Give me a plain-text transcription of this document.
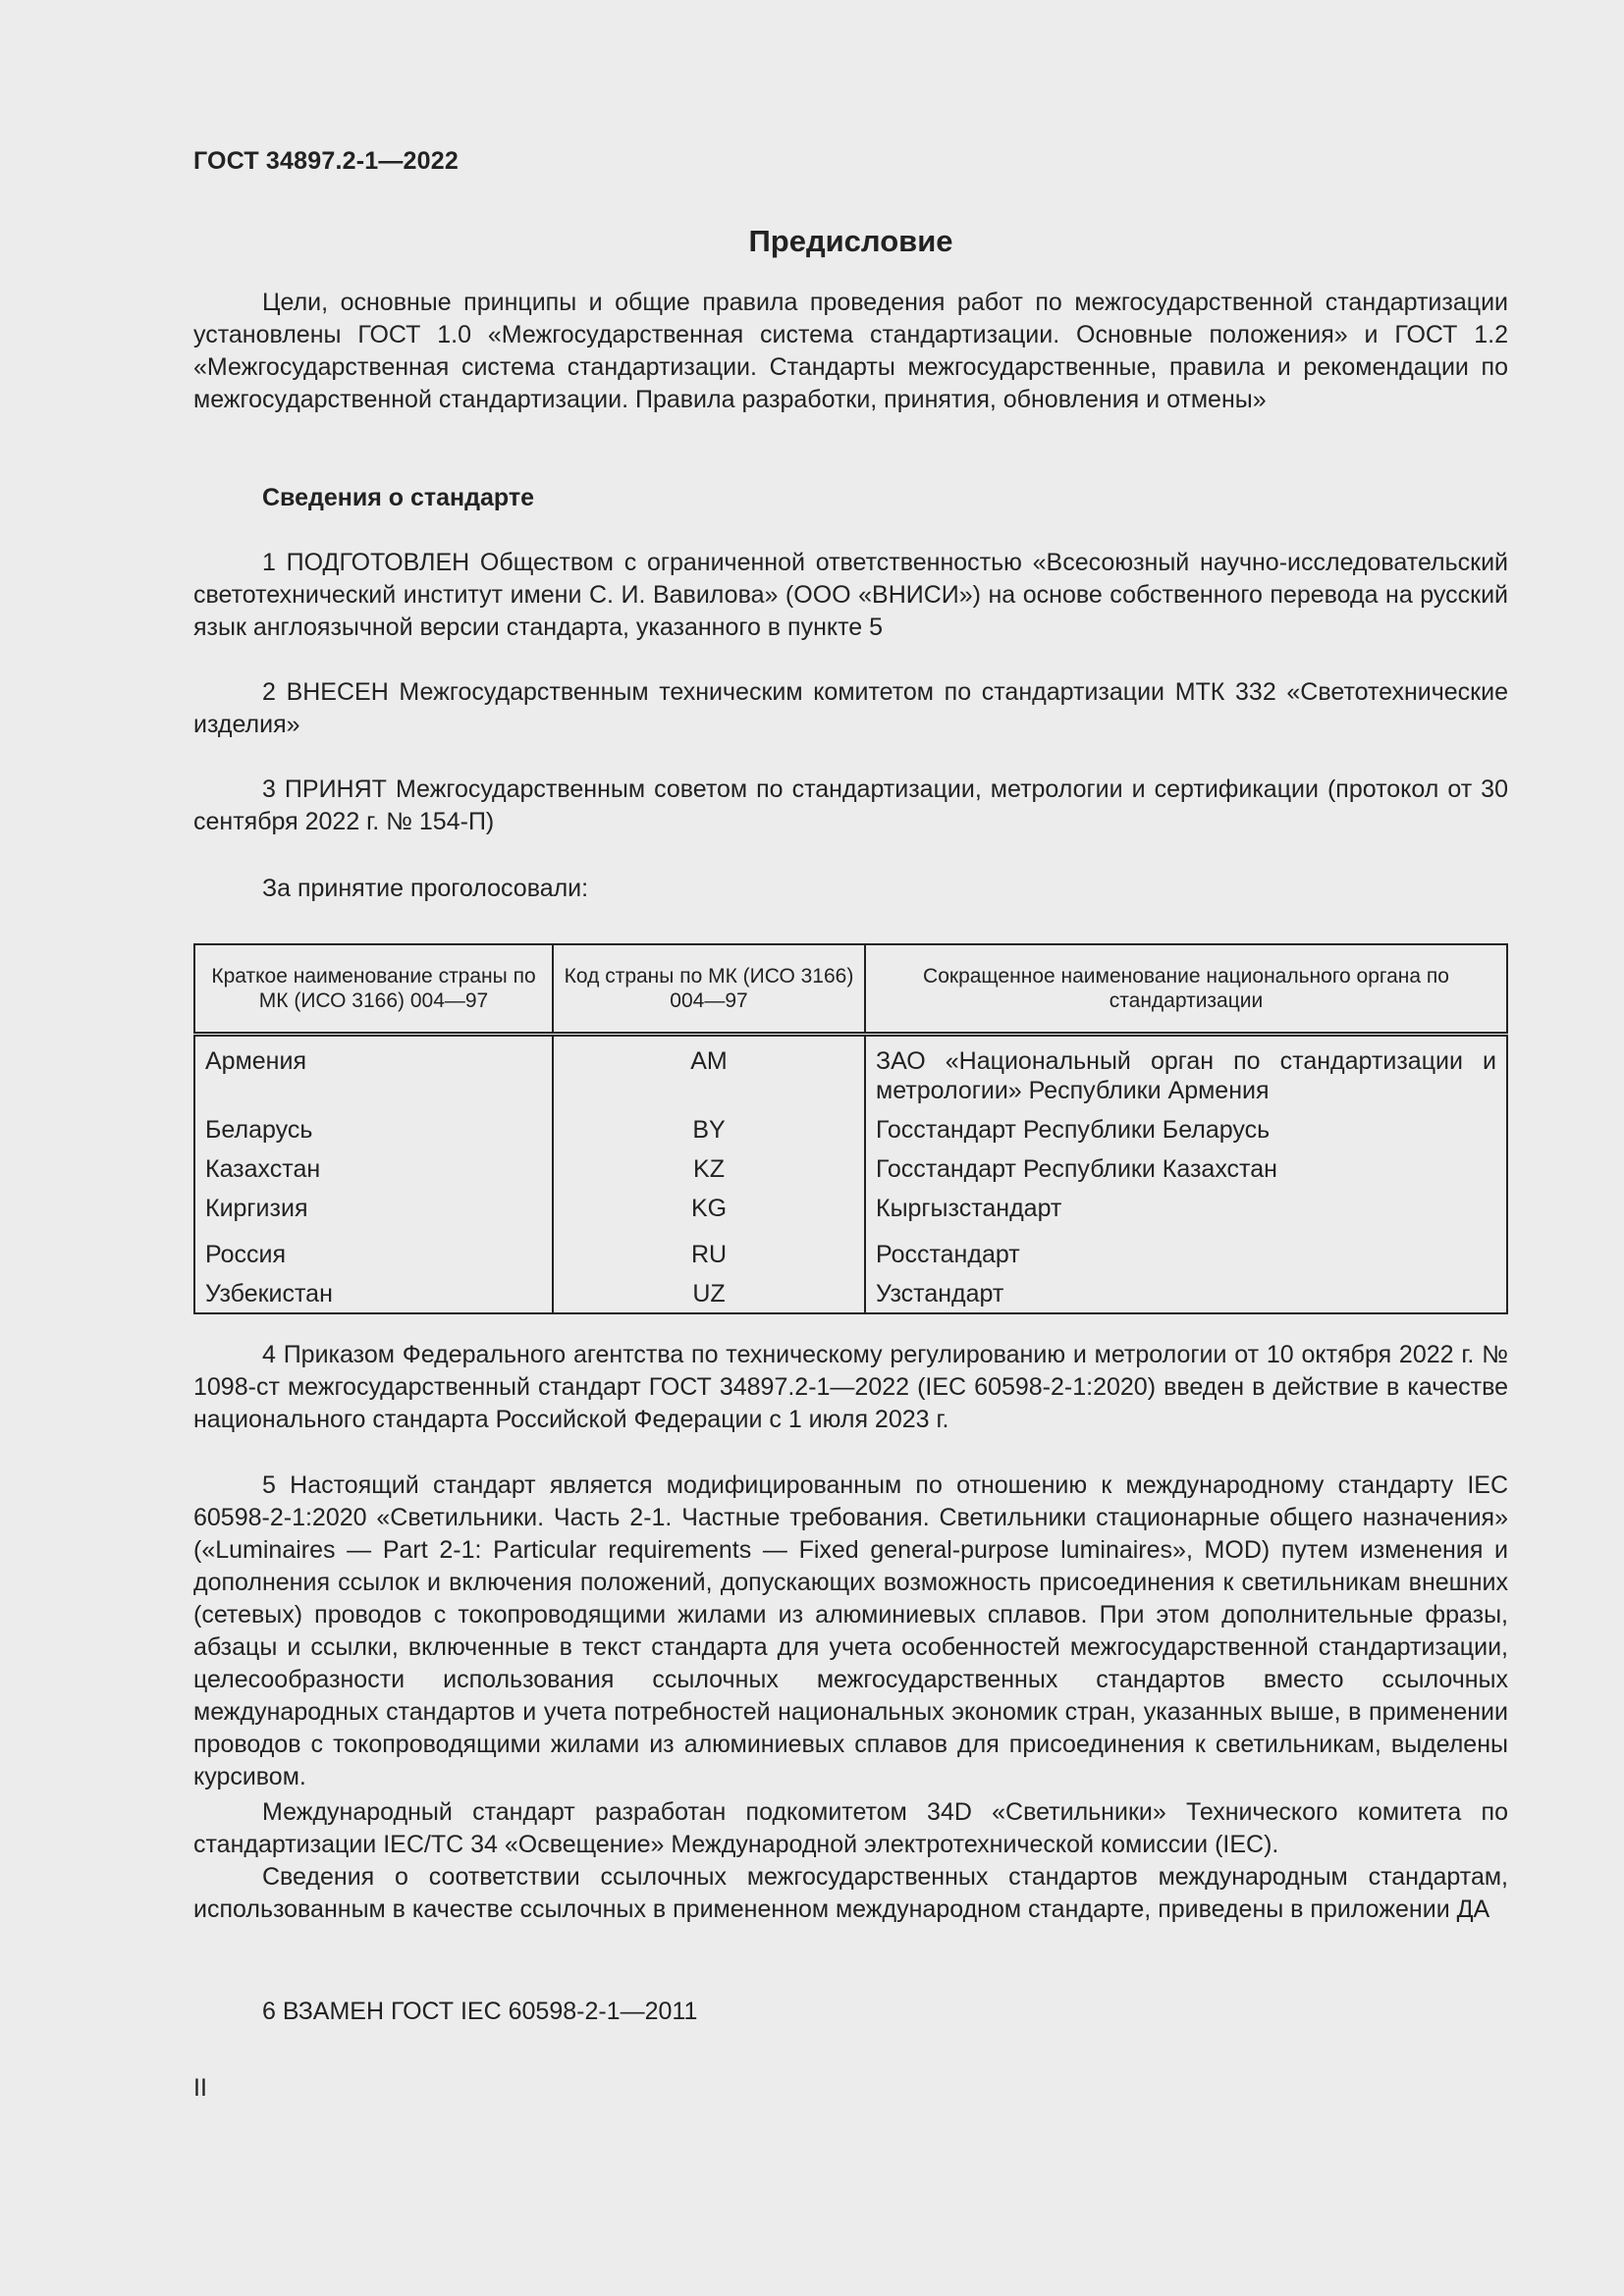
ГОСТ 34897.2-1—2022
Предисловие
Цели, основные принципы и общие правила проведения работ по межгосударственной стандартизации установлены ГОСТ 1.0 «Межгосударственная система стандартизации. Основные положения» и ГОСТ 1.2 «Межгосударственная система стандартизации. Стандарты межгосударственные, правила и рекомендации по межгосударственной стандартизации. Правила разработки, принятия, обновления и отмены»
Сведения о стандарте
1 ПОДГОТОВЛЕН Обществом с ограниченной ответственностью «Всесоюзный научно-исследовательский светотехнический институт имени С. И. Вавилова» (ООО «ВНИСИ») на основе собственного перевода на русский язык англоязычной версии стандарта, указанного в пункте 5
2 ВНЕСЕН Межгосударственным техническим комитетом по стандартизации МТК 332 «Светотехнические изделия»
3 ПРИНЯТ Межгосударственным советом по стандартизации, метрологии и сертификации (протокол от 30 сентября 2022 г. № 154-П)
За принятие проголосовали:
Краткое наименование страны по МК (ИСО 3166) 004—97	Код страны по МК (ИСО 3166) 004—97	Сокращенное наименование национального органа по стандартизации
Армения	AM	ЗАО «Национальный орган по стандартизации и метрологии» Республики Армения
Беларусь	BY	Госстандарт Республики Беларусь
Казахстан	KZ	Госстандарт Республики Казахстан
Киргизия	KG	Кыргызстандарт
Россия	RU	Росстандарт
Узбекистан	UZ	Узстандарт
4 Приказом Федерального агентства по техническому регулированию и метрологии от 10 октября 2022 г. № 1098-ст межгосударственный стандарт ГОСТ 34897.2-1—2022 (IEC 60598-2-1:2020) введен в действие в качестве национального стандарта Российской Федерации с 1 июля 2023 г.
5 Настоящий стандарт является модифицированным по отношению к международному стандарту IEC 60598-2-1:2020 «Светильники. Часть 2-1. Частные требования. Светильники стационарные общего назначения» («Luminaires — Part 2-1: Particular requirements — Fixed general-purpose luminaires», MOD) путем изменения и дополнения ссылок и включения положений, допускающих возможность присоединения к светильникам внешних (сетевых) проводов с токопроводящими жилами из алюминиевых сплавов. При этом дополнительные фразы, абзацы и ссылки, включенные в текст стандарта для учета особенностей межгосударственной стандартизации, целесообразности использования ссылочных межгосударственных стандартов вместо ссылочных международных стандартов и учета потребностей национальных экономик стран, указанных выше, в применении проводов с токопроводящими жилами из алюминиевых сплавов для присоединения к светильникам, выделены курсивом.
Международный стандарт разработан подкомитетом 34D «Светильники» Технического комитета по стандартизации IEC/TC 34 «Освещение» Международной электротехнической комиссии (IEC).
Сведения о соответствии ссылочных межгосударственных стандартов международным стандартам, использованным в качестве ссылочных в примененном международном стандарте, приведены в приложении ДА
6 ВЗАМЕН ГОСТ IEC 60598-2-1—2011
II
